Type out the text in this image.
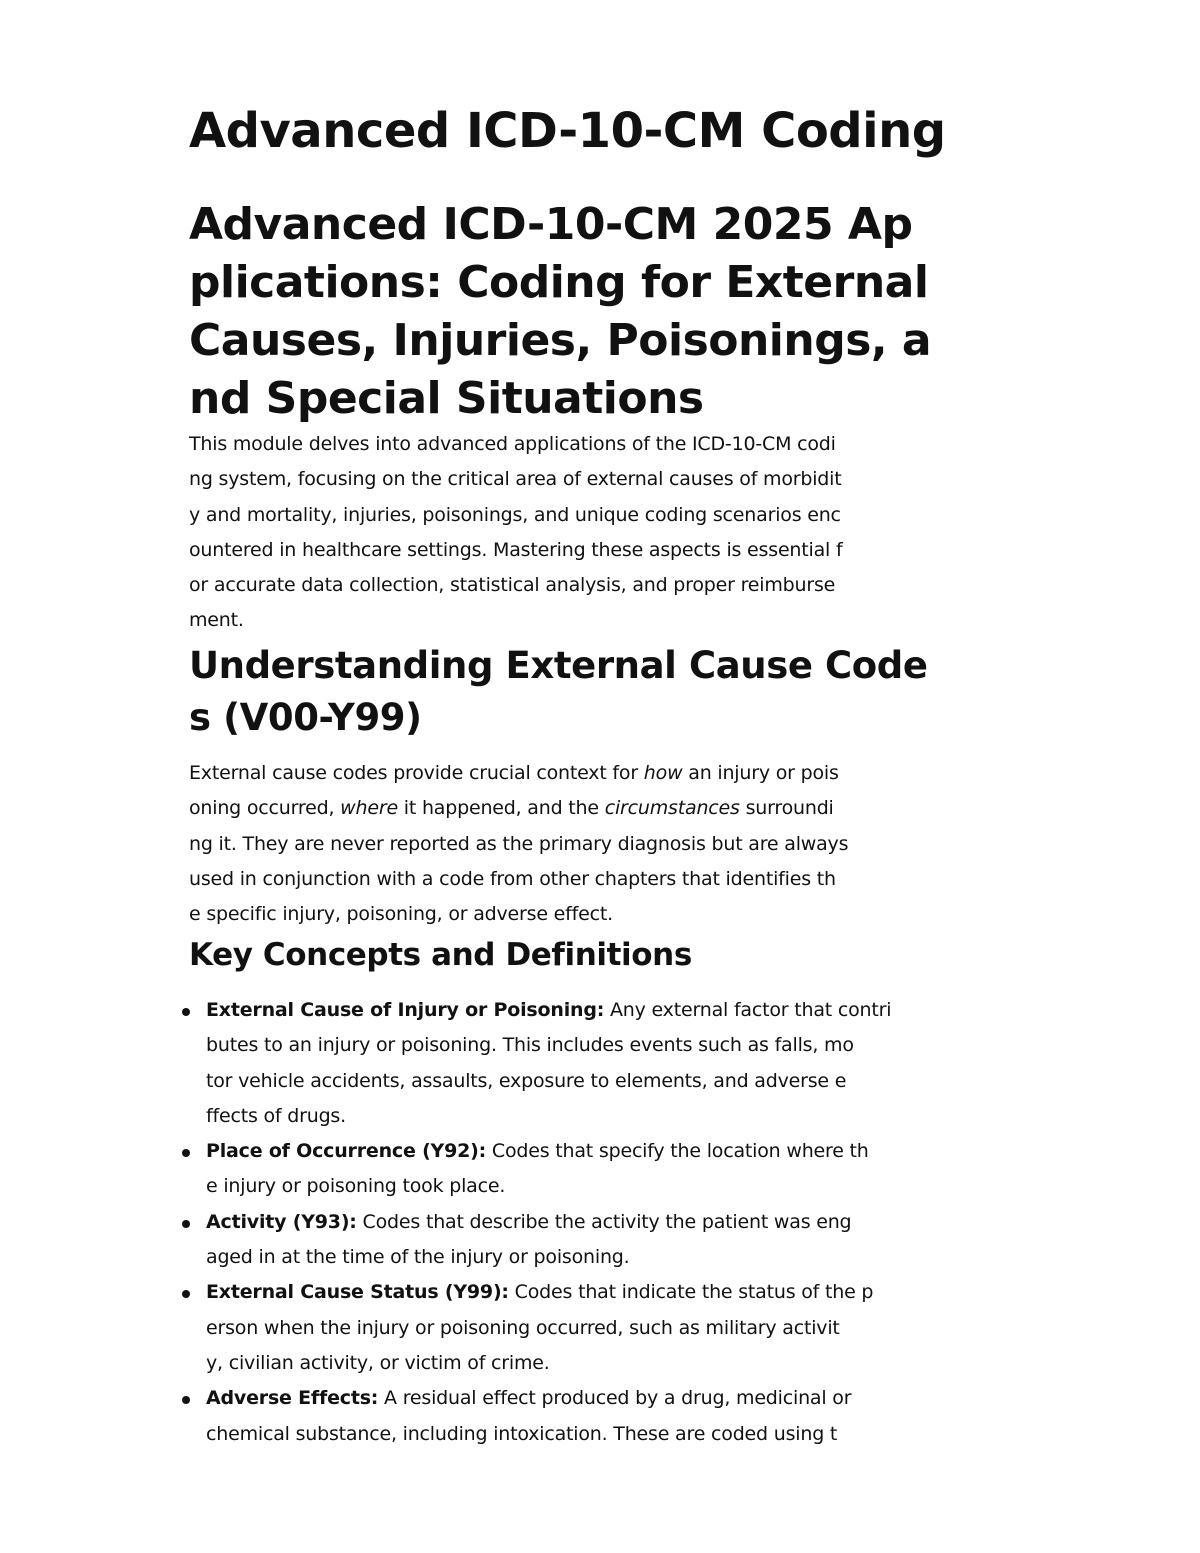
Advanced ICD-10-CM Coding
Advanced ICD-10-CM 2025 Ap
plications: Coding for External
Causes, Injuries, Poisonings, a
nd Special Situations
This module delves into advanced applications of the ICD-10-CM codi
ng system, focusing on the critical area of external causes of morbidit
y and mortality, injuries, poisonings, and unique coding scenarios enc
ountered in healthcare settings. Mastering these aspects is essential f
or accurate data collection, statistical analysis, and proper reimburse
ment.
Understanding External Cause Code
s (V00-Y99)
External cause codes provide crucial context for how an injury or pois
oning occurred, where it happened, and the circumstances surroundi
ng it. They are never reported as the primary diagnosis but are always
used in conjunction with a code from other chapters that identifies th
e specific injury, poisoning, or adverse effect.
Key Concepts and Definitions
External Cause of Injury or Poisoning: Any external factor that contri
butes to an injury or poisoning. This includes events such as falls, mo
tor vehicle accidents, assaults, exposure to elements, and adverse e
ffects of drugs.
Place of Occurrence (Y92): Codes that specify the location where th
e injury or poisoning took place.
Activity (Y93): Codes that describe the activity the patient was eng
aged in at the time of the injury or poisoning.
External Cause Status (Y99): Codes that indicate the status of the p
erson when the injury or poisoning occurred, such as military activit
y, civilian activity, or victim of crime.
Adverse Effects: A residual effect produced by a drug, medicinal or
chemical substance, including intoxication. These are coded using t
